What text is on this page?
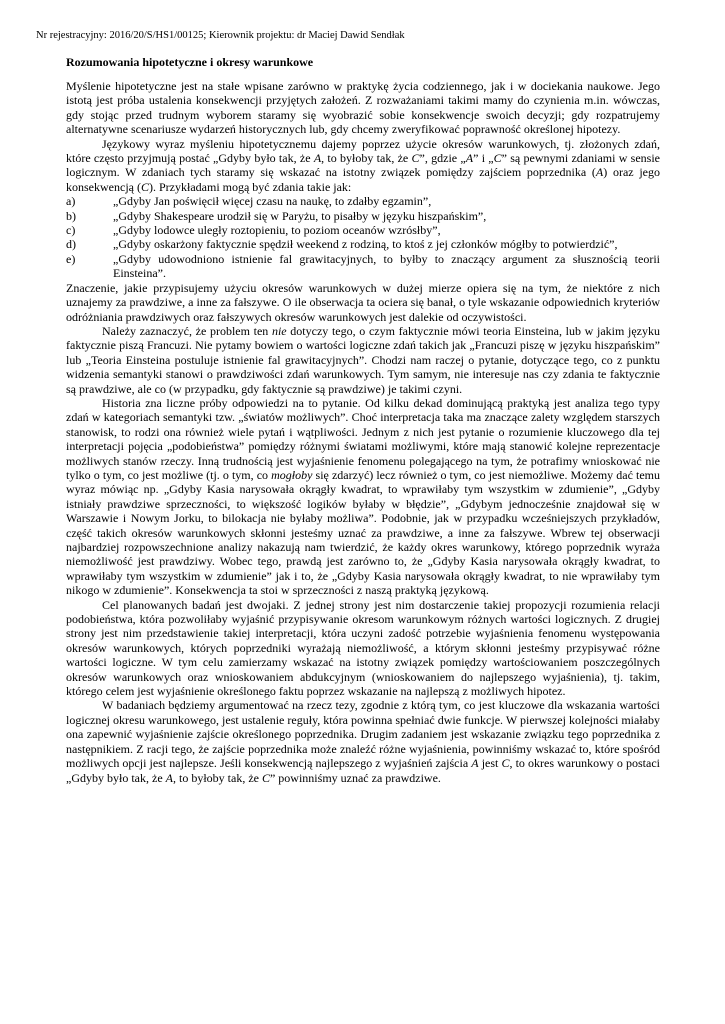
Nr rejestracyjny: 2016/20/S/HS1/00125; Kierownik projektu: dr Maciej Dawid Sendłak
Rozumowania hipotetyczne i okresy warunkowe

Myślenie hipotetyczne jest na stałe wpisane zarówno w praktykę życia codziennego, jak i w dociekania naukowe. Jego istotą jest próba ustalenia konsekwencji przyjętych założeń. Z rozważaniami takimi mamy do czynienia m.in. wówczas, gdy stojąc przed trudnym wyborem staramy się wyobrazić sobie konsekwencje swoich decyzji; gdy rozpatrujemy alternatywne scenariusze wydarzeń historycznych lub, gdy chcemy zweryfikować poprawność określonej hipotezy.

Językowy wyraz myśleniu hipotetycznemu dajemy poprzez użycie okresów warunkowych, tj. złożonych zdań, które często przyjmują postać „Gdyby było tak, że A, to byłoby tak, że C”, gdzie „A” i „C” są pewnymi zdaniami w sensie logicznym. W zdaniach tych staramy się wskazać na istotny związek pomiędzy zajściem poprzednika (A) oraz jego konsekwencją (C). Przykładami mogą być zdania takie jak:

a)	„Gdyby Jan poświęcił więcej czasu na naukę, to zdałby egzamin”,
b)	„Gdyby Shakespeare urodził się w Paryżu, to pisałby w języku hiszpańskim”,
c)	„Gdyby lodowce uległy roztopieniu, to poziom oceanów wzrósłby”,
d)	„Gdyby oskarżony faktycznie spędził weekend z rodziną, to ktoś z jej członków mógłby to potwierdzić”,
e)	„Gdyby udowodniono istnienie fal grawitacyjnych, to byłby to znaczący argument za słusznością teorii Einsteina”.

Znaczenie, jakie przypisujemy użyciu okresów warunkowych w dużej mierze opiera się na tym, że niektóre z nich uznajemy za prawdziwe, a inne za fałszywe. O ile obserwacja ta ociera się banał, o tyle wskazanie odpowiednich kryteriów odróżniania prawdziwych oraz fałszywych okresów warunkowych jest dalekie od oczywistości.

Należy zaznaczyć, że problem ten nie dotyczy tego, o czym faktycznie mówi teoria Einsteina, lub w jakim języku faktycznie piszą Francuzi. Nie pytamy bowiem o wartości logiczne zdań takich jak „Francuzi piszę w języku hiszpańskim” lub „Teoria Einsteina postuluje istnienie fal grawitacyjnych”. Chodzi nam raczej o pytanie, dotyczące tego, co z punktu widzenia semantyki stanowi o prawdziwości zdań warunkowych. Tym samym, nie interesuje nas czy zdania te faktycznie są prawdziwe, ale co (w przypadku, gdy faktycznie są prawdziwe) je takimi czyni.

Historia zna liczne próby odpowiedzi na to pytanie. Od kilku dekad dominującą praktyką jest analiza tego typy zdań w kategoriach semantyki tzw. „światów możliwych”. Choć interpretacja taka ma znaczące zalety względem starszych stanowisk, to rodzi ona również wiele pytań i wątpliwości. Jednym z nich jest pytanie o rozumienie kluczowego dla tej interpretacji pojęcia „podobieństwa” pomiędzy różnymi światami możliwymi, które mają stanowić kolejne reprezentacje możliwych stanów rzeczy. Inną trudnością jest wyjaśnienie fenomenu polegającego na tym, że potrafimy wnioskować nie tylko o tym, co jest możliwe (tj. o tym, co mogłoby się zdarzyć) lecz również o tym, co jest niemożliwe. Możemy dać temu wyraz mówiąc np. „Gdyby Kasia narysowała okrągły kwadrat, to wprawiłaby tym wszystkim w zdumienie”, „Gdyby istniały prawdziwe sprzeczności, to większość logików byłaby w błędzie”, „Gdybym jednocześnie znajdował się w Warszawie i Nowym Jorku, to bilokacja nie byłaby możliwa”. Podobnie, jak w przypadku wcześniejszych przykładów, część takich okresów warunkowych skłonni jesteśmy uznać za prawdziwe, a inne za fałszywe. Wbrew tej obserwacji najbardziej rozpowszechnione analizy nakazują nam twierdzić, że każdy okres warunkowy, którego poprzednik wyraża niemożliwość jest prawdziwy. Wobec tego, prawdą jest zarówno to, że „Gdyby Kasia narysowała okrągły kwadrat, to wprawiłaby tym wszystkim w zdumienie” jak i to, że „Gdyby Kasia narysowała okrągły kwadrat, to nie wprawiłaby tym nikogo w zdumienie”. Konsekwencja ta stoi w sprzeczności z naszą praktyką językową.

Cel planowanych badań jest dwojaki. Z jednej strony jest nim dostarczenie takiej propozycji rozumienia relacji podobieństwa, która pozwoliłaby wyjaśnić przypisywanie okresom warunkowym różnych wartości logicznych. Z drugiej strony jest nim przedstawienie takiej interpretacji, która uczyni zadość potrzebie wyjaśnienia fenomenu występowania okresów warunkowych, których poprzedniki wyrażają niemożliwość, a którym skłonni jesteśmy przypisywać różne wartości logiczne. W tym celu zamierzamy wskazać na istotny związek pomiędzy wartościowaniem poszczególnych okresów warunkowych oraz wnioskowaniem abdukcyjnym (wnioskowaniem do najlepszego wyjaśnienia), tj. takim, którego celem jest wyjaśnienie określonego faktu poprzez wskazanie na najlepszą z możliwych hipotez.

W badaniach będziemy argumentować na rzecz tezy, zgodnie z którą tym, co jest kluczowe dla wskazania wartości logicznej okresu warunkowego, jest ustalenie reguły, która powinna spełniać dwie funkcje. W pierwszej kolejności miałaby ona zapewnić wyjaśnienie zajście określonego poprzednika. Drugim zadaniem jest wskazanie związku tego poprzednika z następnikiem. Z racji tego, że zajście poprzednika może znaleźć różne wyjaśnienia, powinniśmy wskazać to, które spośród możliwych opcji jest najlepsze. Jeśli konsekwencją najlepszego z wyjaśnień zajścia A jest C, to okres warunkowy o postaci „Gdyby było tak, że A, to byłoby tak, że C” powinniśmy uznać za prawdziwe.
